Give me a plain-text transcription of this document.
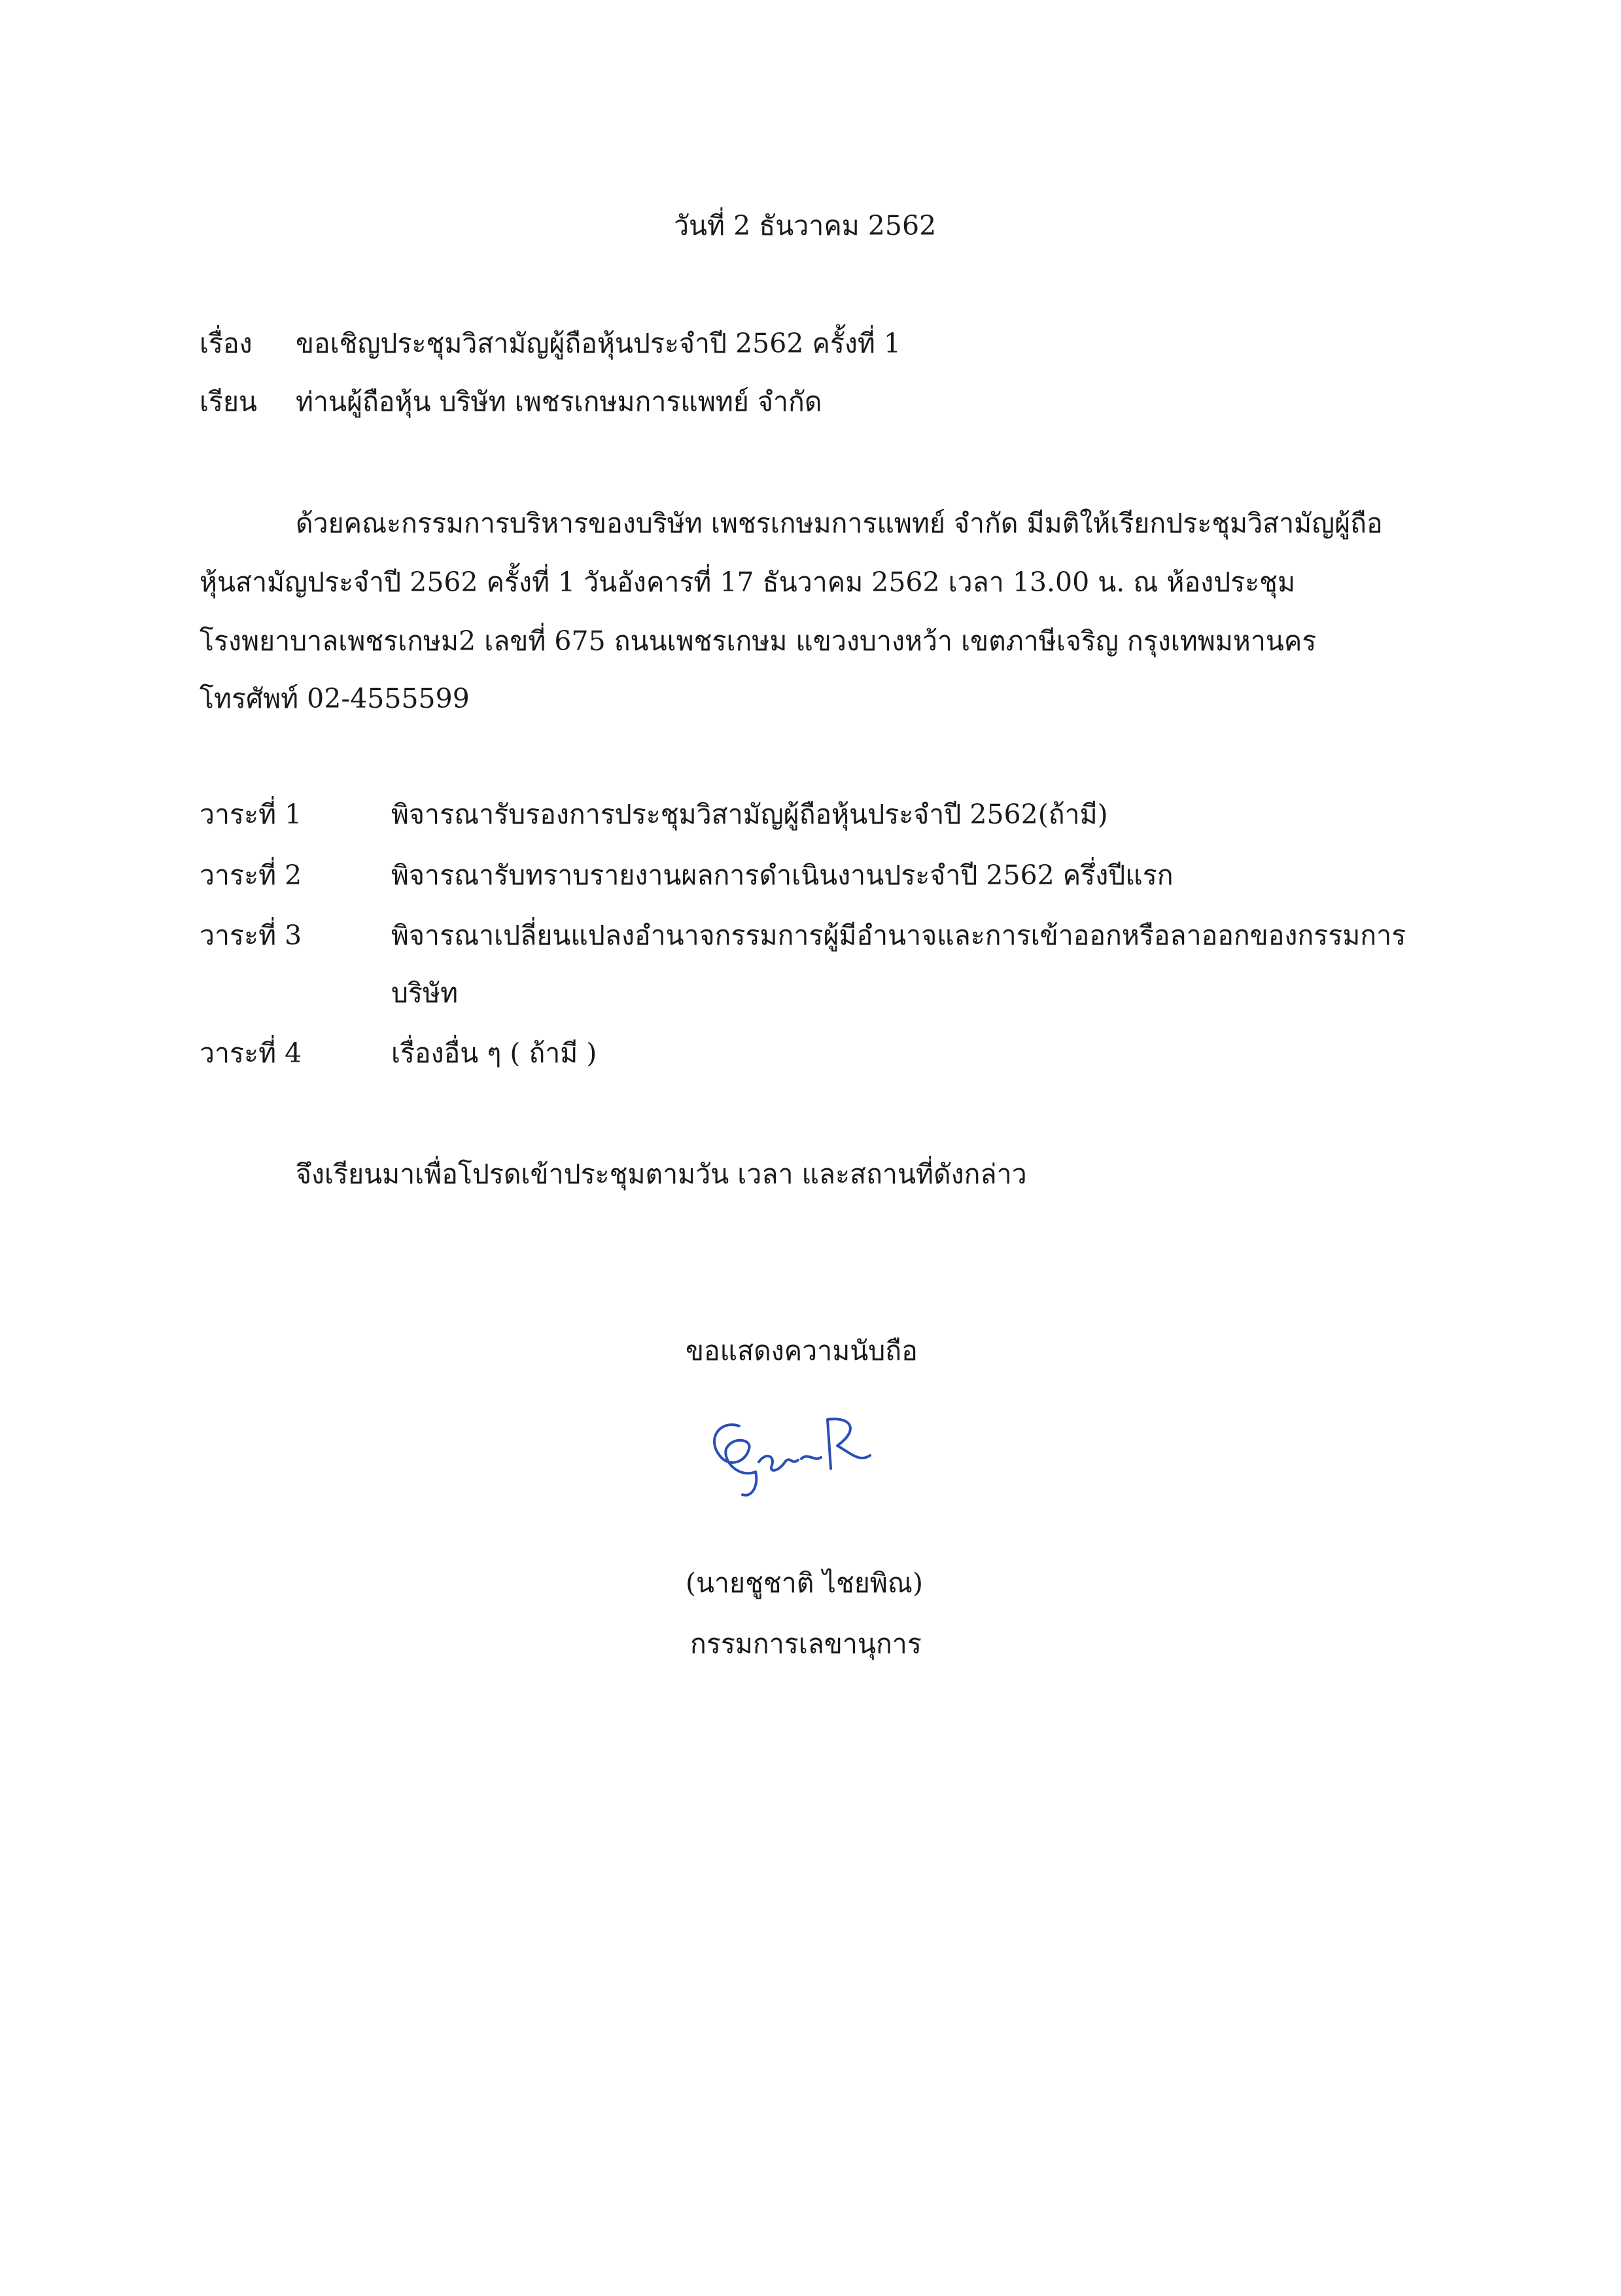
วันที่ 2 ธันวาคม 2562
เรื่อง ขอเชิญประชุมวิสามัญผู้ถือหุ้นประจำปี 2562 ครั้งที่ 1
เรียน ท่านผู้ถือหุ้น บริษัท เพชรเกษมการแพทย์ จำกัด
ด้วยคณะกรรมการบริหารของบริษัท เพชรเกษมการแพทย์ จำกัด มีมติให้เรียกประชุมวิสามัญผู้ถือ
หุ้นสามัญประจำปี 2562 ครั้งที่ 1 วันอังคารที่ 17 ธันวาคม 2562 เวลา 13.00 น. ณ ห้องประชุม
โรงพยาบาลเพชรเกษม2 เลขที่ 675 ถนนเพชรเกษม แขวงบางหว้า เขตภาษีเจริญ กรุงเทพมหานคร
โทรศัพท์ 02-4555599
วาระที่ 1	พิจารณารับรองการประชุมวิสามัญผู้ถือหุ้นประจำปี 2562(ถ้ามี)
วาระที่ 2	พิจารณารับทราบรายงานผลการดำเนินงานประจำปี 2562 ครึ่งปีแรก
วาระที่ 3	พิจารณาเปลี่ยนแปลงอำนาจกรรมการผู้มีอำนาจและการเข้าออกหรือลาออกของกรรมการ
บริษัท
วาระที่ 4	เรื่องอื่น ๆ ( ถ้ามี )
จึงเรียนมาเพื่อโปรดเข้าประชุมตามวัน เวลา และสถานที่ดังกล่าว
ขอแสดงความนับถือ
(นายชูชาติ ไชยพิณ)
กรรมการเลขานุการ
